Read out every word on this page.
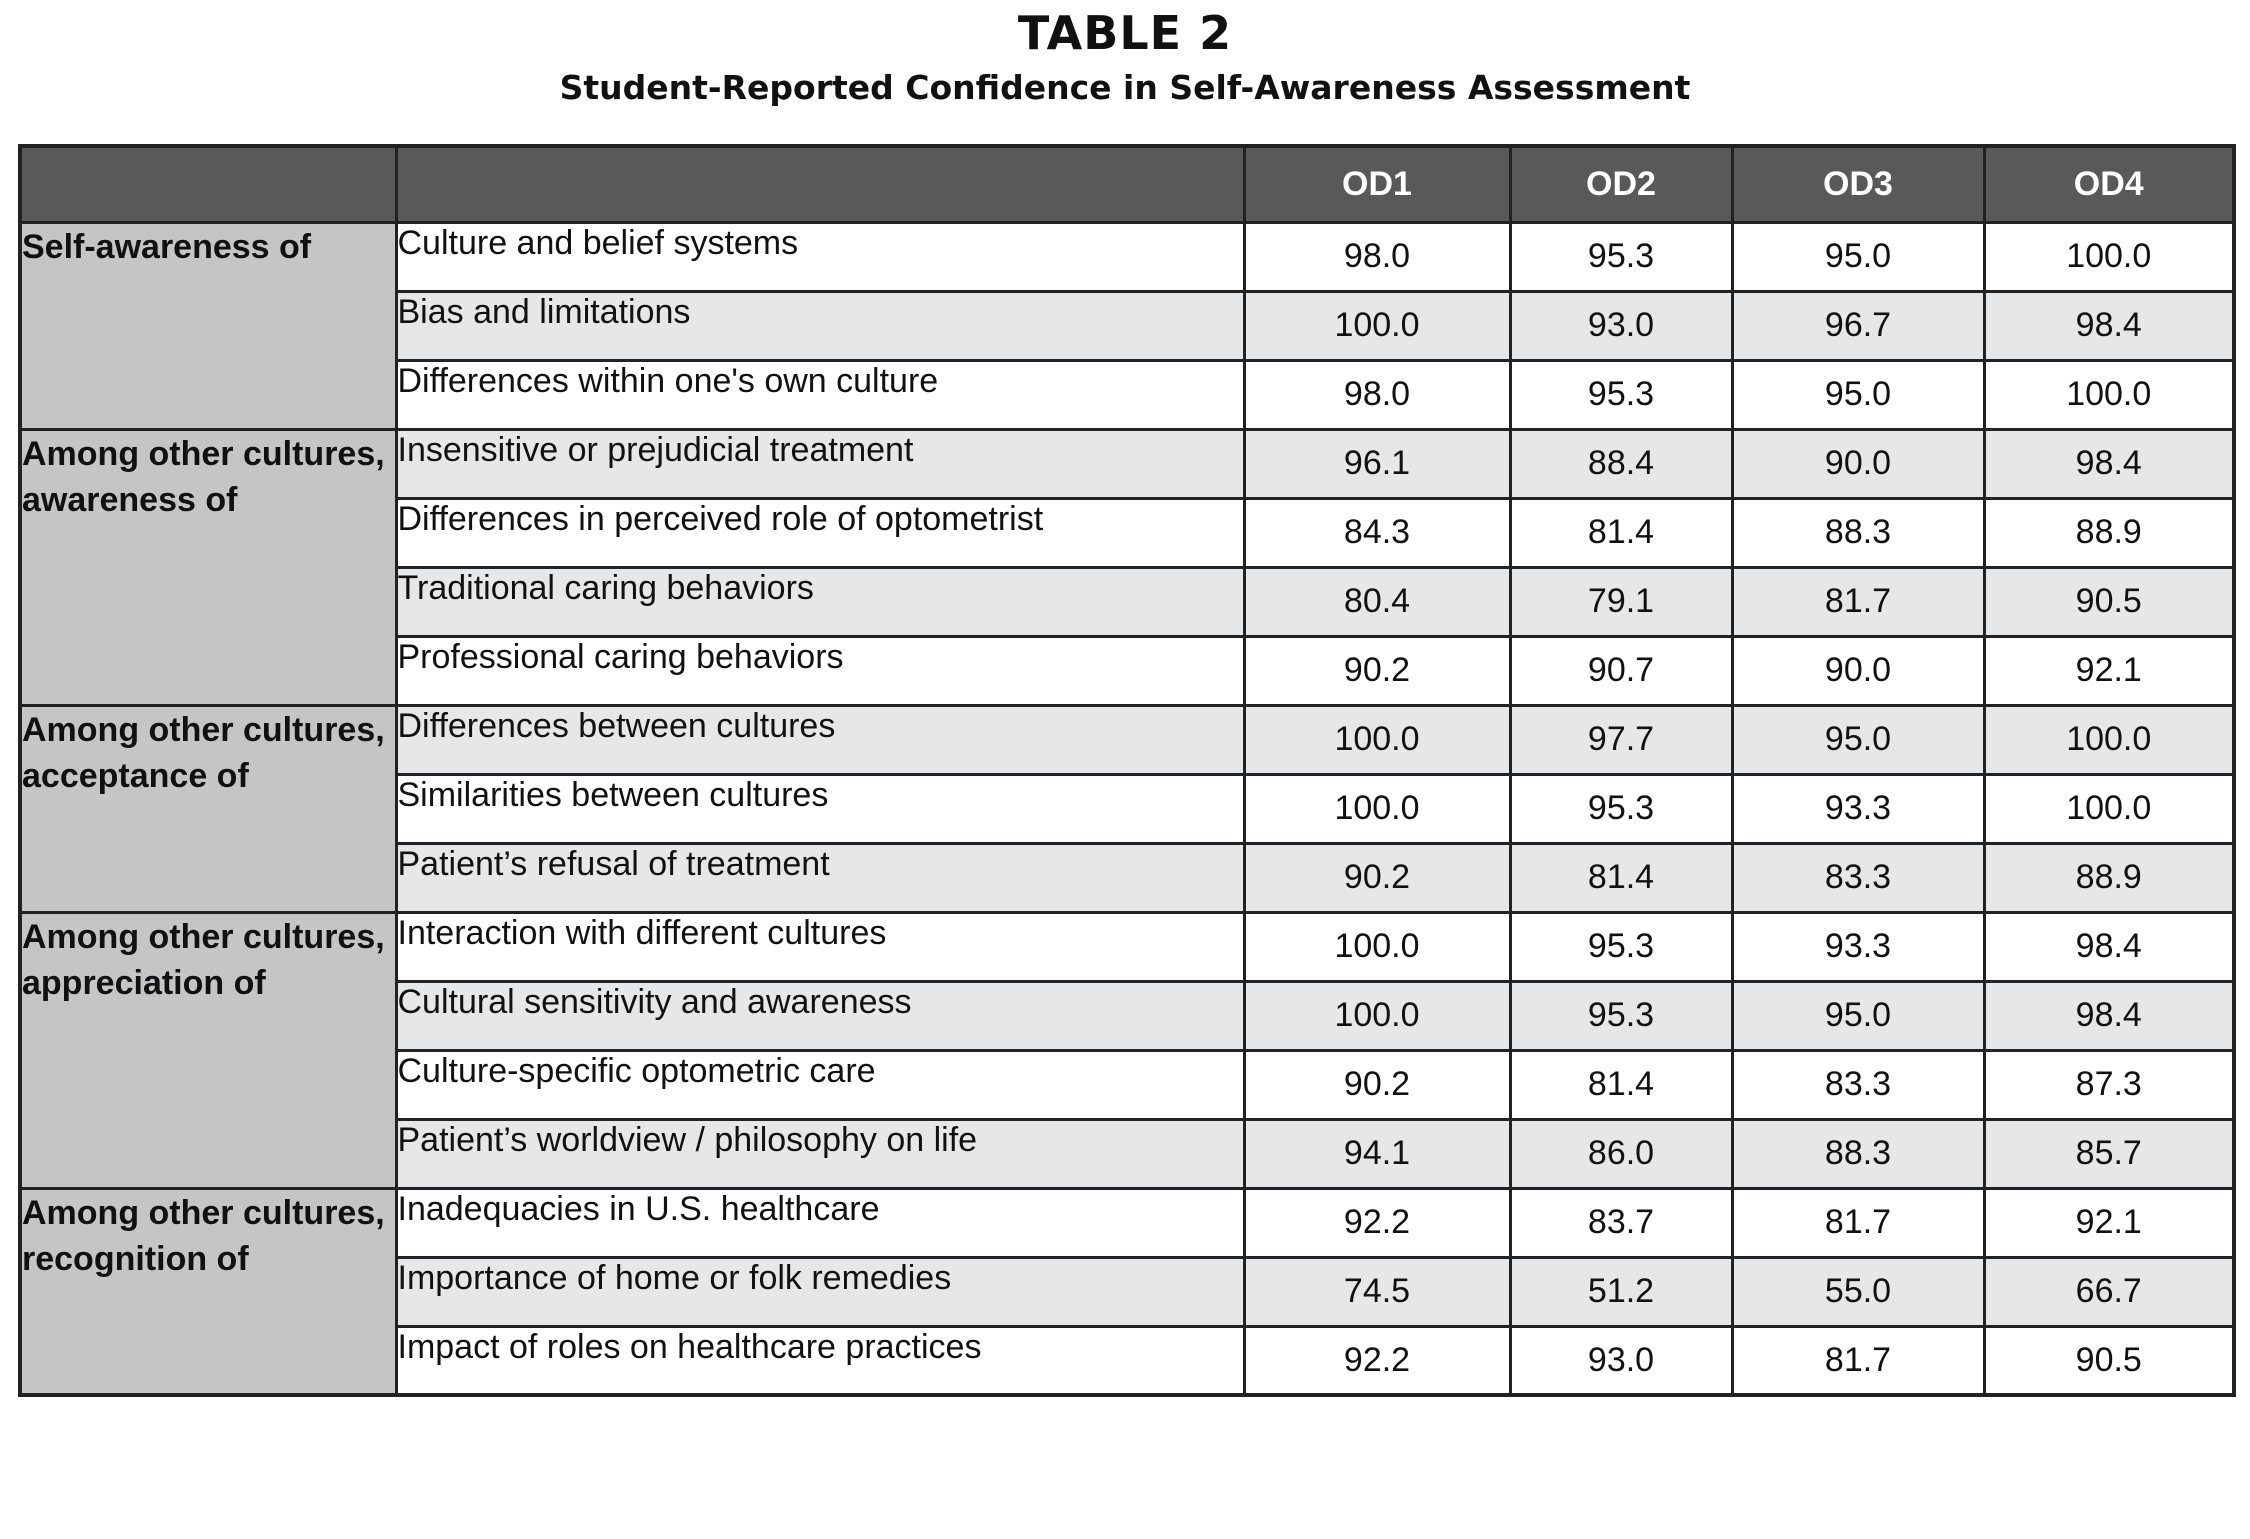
TABLE 2
Student-Reported Confidence in Self-Awareness Assessment
		OD1	OD2	OD3	OD4
Self-awareness of	Culture and belief systems	98.0	95.3	95.0	100.0
	Bias and limitations	100.0	93.0	96.7	98.4
	Differences within one's own culture	98.0	95.3	95.0	100.0
Among other cultures, awareness of	Insensitive or prejudicial treatment	96.1	88.4	90.0	98.4
	Differences in perceived role of optometrist	84.3	81.4	88.3	88.9
	Traditional caring behaviors	80.4	79.1	81.7	90.5
	Professional caring behaviors	90.2	90.7	90.0	92.1
Among other cultures, acceptance of	Differences between cultures	100.0	97.7	95.0	100.0
	Similarities between cultures	100.0	95.3	93.3	100.0
	Patient’s refusal of treatment	90.2	81.4	83.3	88.9
Among other cultures, appreciation of	Interaction with different cultures	100.0	95.3	93.3	98.4
	Cultural sensitivity and awareness	100.0	95.3	95.0	98.4
	Culture-specific optometric care	90.2	81.4	83.3	87.3
	Patient’s worldview / philosophy on life	94.1	86.0	88.3	85.7
Among other cultures, recognition of	Inadequacies in U.S. healthcare	92.2	83.7	81.7	92.1
	Importance of home or folk remedies	74.5	51.2	55.0	66.7
	Impact of roles on healthcare practices	92.2	93.0	81.7	90.5
